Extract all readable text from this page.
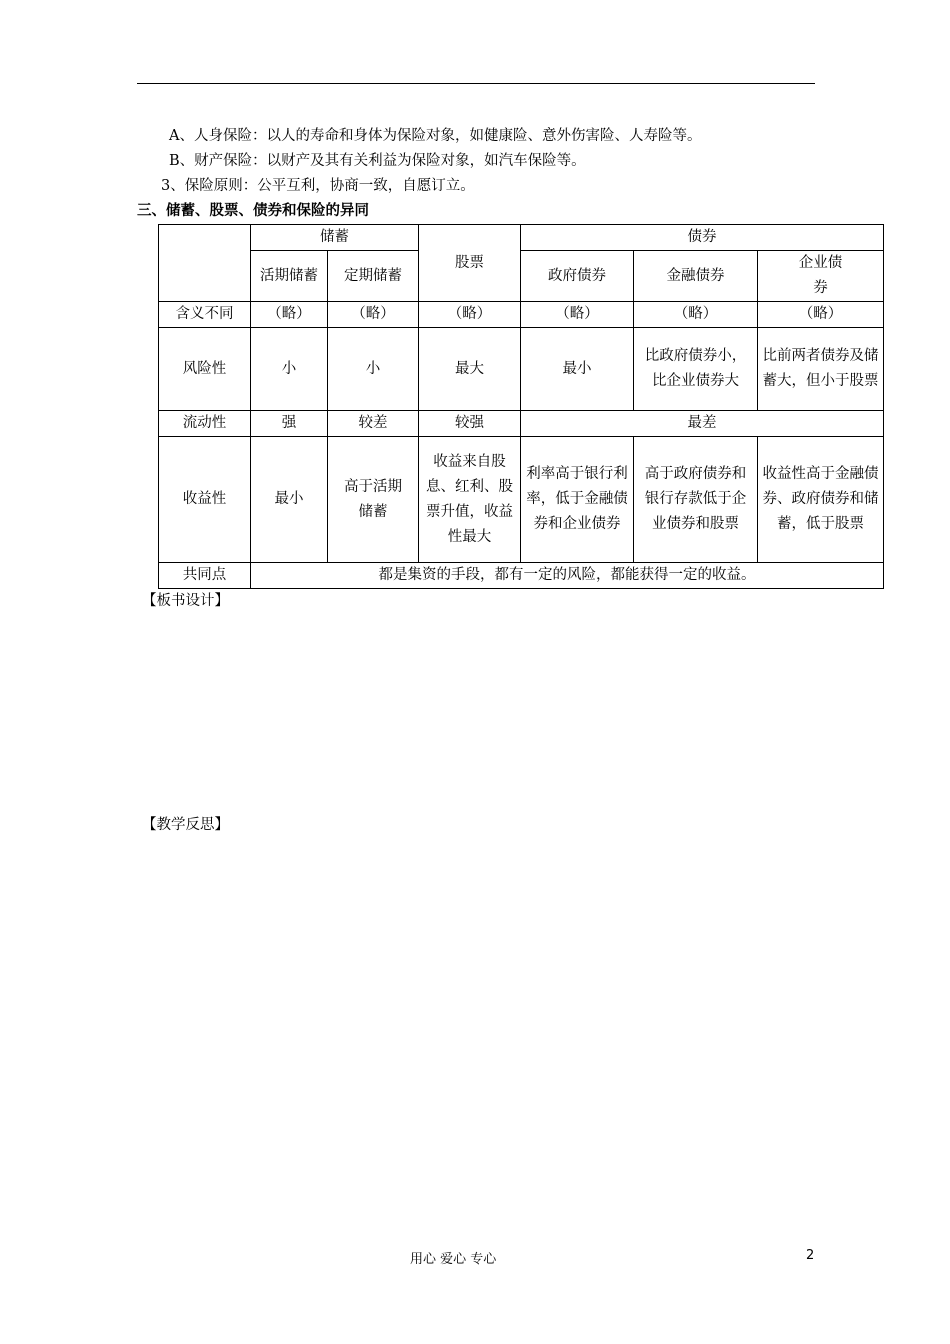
A、人身保险：以人的寿命和身体为保险对象，如健康险、意外伤害险、人寿险等。
B、财产保险：以财产及其有关利益为保险对象，如汽车保险等。
3、保险原则：公平互利，协商一致，自愿订立。
三、储蓄、股票、债券和保险的异同
	储蓄		股票	债券		
	活期储蓄	定期储蓄		政府债券	金融债券	企业债券
含义不同	（略）	（略）	（略）	（略）	（略）	（略）
风险性	小	小	最大	最小	比政府债券小，比企业债券大	比前两者债券及储蓄大，但小于股票
流动性	强	较差	较强	最差		
收益性	最小	高于活期储蓄	收益来自股息、红利、股票升值，收益性最大	利率高于银行利率，低于金融债券和企业债券	高于政府债券和银行存款低于企业债券和股票	收益性高于金融债券、政府债券和储蓄，低于股票
共同点	都是集资的手段，都有一定的风险，都能获得一定的收益。					
【板书设计】
【教学反思】
用心 爱心 专心	2
